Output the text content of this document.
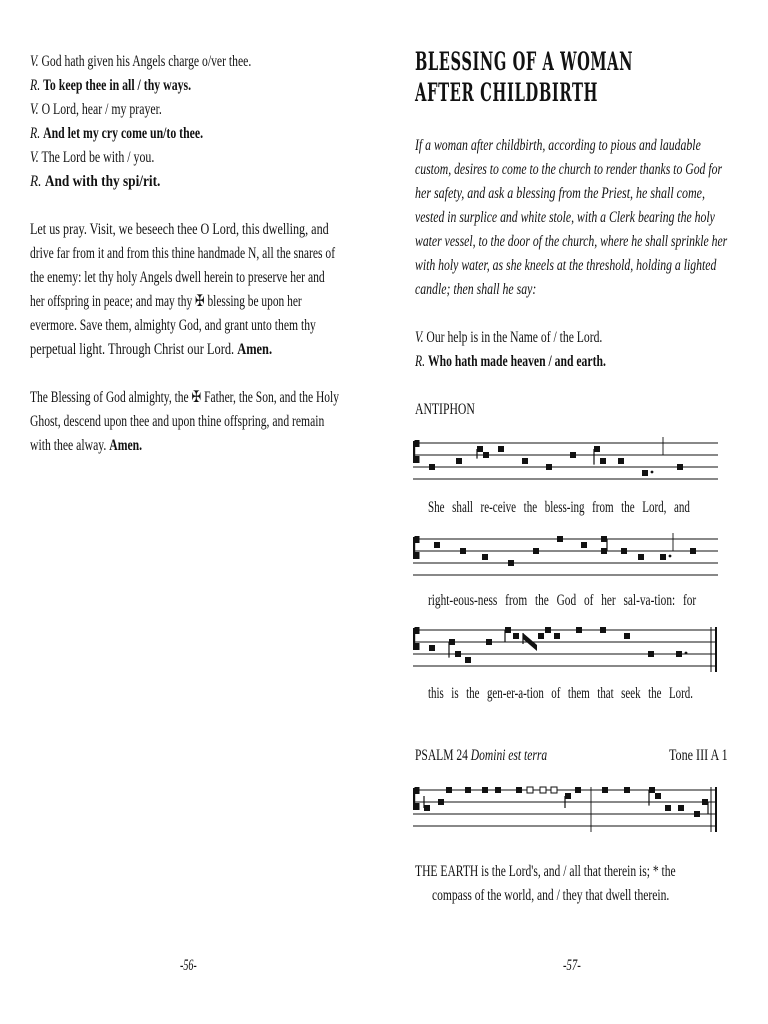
V. God hath given his Angels charge o/ver thee.
R. To keep thee in all / thy ways.
V. O Lord, hear / my prayer.
R. And let my cry come un/to thee.
V. The Lord be with / you.
R. And with thy spi/rit.
Let us pray. Visit, we beseech thee O Lord, this dwelling, and
drive far from it and from this thine handmade N, all the snares of
the enemy: let thy holy Angels dwell herein to preserve her and
her offspring in peace; and may thy ✠ blessing be upon her
evermore. Save them, almighty God, and grant unto them thy
perpetual light. Through Christ our Lord. Amen.
The Blessing of God almighty, the ✠ Father, the Son, and the Holy
Ghost, descend upon thee and upon thine offspring, and remain
with thee alway. Amen.
-56-
BLESSING OF A WOMAN
AFTER CHILDBIRTH
If a woman after childbirth, according to pious and laudable
custom, desires to come to the church to render thanks to God for
her safety, and ask a blessing from the Priest, he shall come,
vested in surplice and white stole, with a Clerk bearing the holy
water vessel, to the door of the church, where he shall sprinkle her
with holy water, as she kneels at the threshold, holding a lighted
candle; then shall he say:
V. Our help is in the Name of / the Lord.
R. Who hath made heaven / and earth.
ANTIPHON
She shall re-ceive the bless-ing from the Lord, and
right-eous-ness from the God of her sal-va-tion: for
this is the gen-er-a-tion of them that seek the Lord.
PSALM 24 Domini est terra	Tone III A 1
THE EARTH is the Lord's, and / all that therein is; * the
compass of the world, and / they that dwell therein.
-57-
